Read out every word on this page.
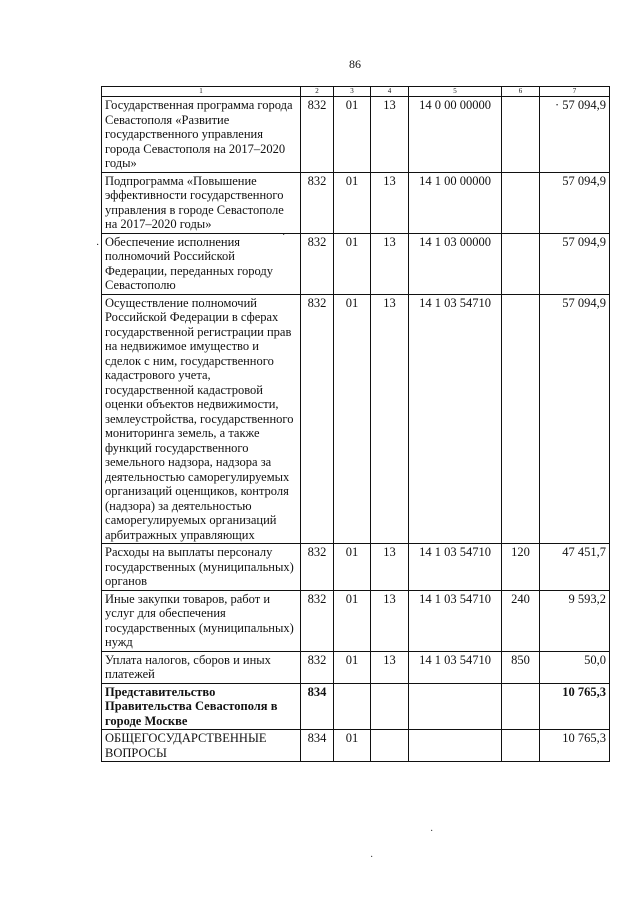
86
1	2	3	4	5	6	7
Государственная программа города Севастополя «Развитие государственного управления города Севастополя на 2017–2020 годы»	832	01	13	14 0 00 00000		· 57 094,9
Подпрограмма «Повышение эффективности государственного управления в городе Севастополе на 2017–2020 годы»	832	01	13	14 1 00 00000		57 094,9
Обеспечение исполнения полномочий Российской Федерации, переданных городу Севастополю	832	01	13	14 1 03 00000		57 094,9
Осуществление полномочий Российской Федерации в сферах государственной регистрации прав на недвижимое имущество и сделок с ним, государственного кадастрового учета, государственной кадастровой оценки объектов недвижимости, землеустройства, государственного мониторинга земель, а также функций государственного земельного надзора, надзора за деятельностью саморегулируемых организаций оценщиков, контроля (надзора) за деятельностью саморегулируемых организаций арбитражных управляющих	832	01	13	14 1 03 54710		57 094,9
Расходы на выплаты персоналу государственных (муниципальных) органов	832	01	13	14 1 03 54710	120	47 451,7
Иные закупки товаров, работ и услуг для обеспечения государственных (муниципальных) нужд	832	01	13	14 1 03 54710	240	9 593,2
Уплата налогов, сборов и иных платежей	832	01	13	14 1 03 54710	850	50,0
Представительство Правительства Севастополя в городе Москве	834					10 765,3
ОБЩЕГОСУДАРСТВЕННЫЕ ВОПРОСЫ	834	01				10 765,3
·
·
·
·
